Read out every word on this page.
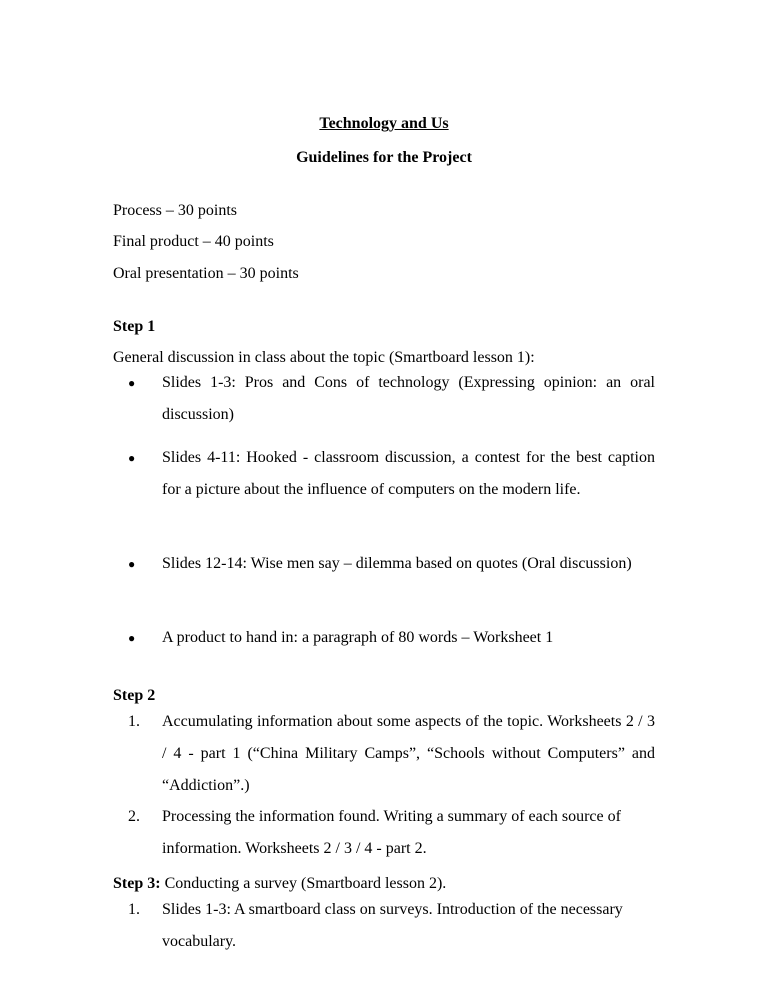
Technology and Us
Guidelines for the Project
Process – 30 points
Final product – 40 points
Oral presentation – 30 points
Step 1
General discussion in class about the topic (Smartboard lesson 1):
● Slides 1-3: Pros and Cons of technology (Expressing opinion: an oral discussion)
● Slides 4-11: Hooked - classroom discussion, a contest for the best caption for a picture about the influence of computers on the modern life.
● Slides 12-14: Wise men say – dilemma based on quotes (Oral discussion)
● A product to hand in: a paragraph of 80 words – Worksheet 1
Step 2
1. Accumulating information about some aspects of the topic. Worksheets 2 / 3 / 4 - part 1 (“China Military Camps”, “Schools without Computers” and “Addiction”.)
2. Processing the information found. Writing a summary of each source of information. Worksheets 2 / 3 / 4 - part 2.
Step 3: Conducting a survey (Smartboard lesson 2).
1. Slides 1-3: A smartboard class on surveys. Introduction of the necessary vocabulary.
